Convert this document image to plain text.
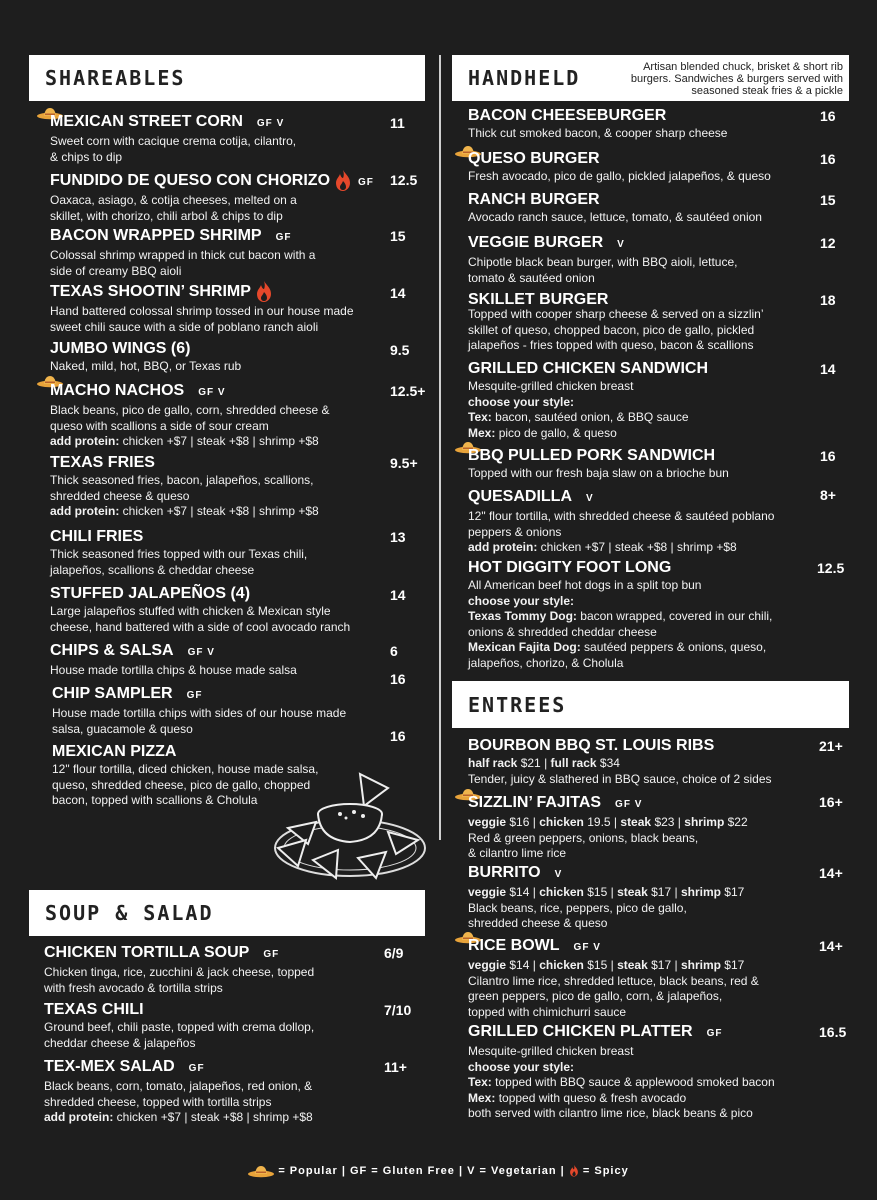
SHAREABLES
MEXICAN STREET CORN GF V
Sweet corn with cacique crema cotija, cilantro,
& chips to dip
11
FUNDIDO DE QUESO CON CHORIZO	GF
Oaxaca, asiago, & cotija cheeses, melted on a
skillet, with chorizo, chili arbol & chips to dip
12.5
BACON WRAPPED SHRIMP GF
Colossal shrimp wrapped in thick cut bacon with a
side of creamy BBQ aioli
15
TEXAS SHOOTIN’ SHRIMP
Hand battered colossal shrimp tossed in our house made
sweet chili sauce with a side of poblano ranch aioli
14
JUMBO WINGS (6)
Naked, mild, hot, BBQ, or Texas rub
9.5
MACHO NACHOS GF V
Black beans, pico de gallo, corn, shredded cheese &
queso with scallions a side of sour cream
add protein: chicken +$7 | steak +$8 | shrimp +$8
12.5+
TEXAS FRIES
Thick seasoned fries, bacon, jalapeños, scallions,
shredded cheese & queso
add protein: chicken +$7 | steak +$8 | shrimp +$8
9.5+
CHILI FRIES
Thick seasoned fries topped with our Texas chili,
jalapeños, scallions & cheddar cheese
13
STUFFED JALAPEÑOS (4)
Large jalapeños stuffed with chicken & Mexican style
cheese, hand battered with a side of cool avocado ranch
14
CHIPS & SALSA GF V
House made tortilla chips & house made salsa
6
CHIP SAMPLER GF
House made tortilla chips with sides of our house made
salsa, guacamole & queso
16
MEXICAN PIZZA
12" flour tortilla, diced chicken, house made salsa,
queso, shredded cheese, pico de gallo, chopped
bacon, topped with scallions & Cholula
16
SOUP & SALAD
CHICKEN TORTILLA SOUP GF
Chicken tinga, rice, zucchini & jack cheese, topped
with fresh avocado & tortilla strips
6/9
TEXAS CHILI
Ground beef, chili paste, topped with crema dollop,
cheddar cheese & jalapeños
7/10
TEX-MEX SALAD GF
Black beans, corn, tomato, jalapeños, red onion, &
shredded cheese, topped with tortilla strips
add protein: chicken +$7 | steak +$8 | shrimp +$8
11+
HANDHELD	Artisan blended chuck, brisket & short rib burgers. Sandwiches & burgers served with seasoned steak fries & a pickle
BACON CHEESEBURGER
Thick cut smoked bacon, & cooper sharp cheese
16
QUESO BURGER
Fresh avocado, pico de gallo, pickled jalapeños, & queso
16
RANCH BURGER
Avocado ranch sauce, lettuce, tomato, & sautéed onion
15
VEGGIE BURGER V
Chipotle black bean burger, with BBQ aioli, lettuce,
tomato & sautéed onion
12
SKILLET BURGER
Topped with cooper sharp cheese & served on a sizzlin’
skillet of queso, chopped bacon, pico de gallo, pickled
jalapeños - fries topped with queso, bacon & scallions
18
GRILLED CHICKEN SANDWICH
Mesquite-grilled chicken breast
choose your style:
Tex: bacon, sautéed onion, & BBQ sauce
Mex: pico de gallo, & queso
14
BBQ PULLED PORK SANDWICH
Topped with our fresh baja slaw on a brioche bun
16
QUESADILLA V
12" flour tortilla, with shredded cheese & sautéed poblano
peppers & onions
add protein: chicken +$7 | steak +$8 | shrimp +$8
8+
HOT DIGGITY FOOT LONG
All American beef hot dogs in a split top bun
choose your style:
Texas Tommy Dog: bacon wrapped, covered in our chili,
onions & shredded cheddar cheese
Mexican Fajita Dog: sautéed peppers & onions, queso,
jalapeños, chorizo, & Cholula
12.5
ENTREES
BOURBON BBQ ST. LOUIS RIBS
half rack $21 | full rack $34
Tender, juicy & slathered in BBQ sauce, choice of 2 sides
21+
SIZZLIN’ FAJITAS GF V
veggie $16 | chicken 19.5 | steak $23 | shrimp $22
Red & green peppers, onions, black beans,
& cilantro lime rice
16+
BURRITO V
veggie $14 | chicken $15 | steak $17 | shrimp $17
Black beans, rice, peppers, pico de gallo,
shredded cheese & queso
14+
RICE BOWL GF V
veggie $14 | chicken $15 | steak $17 | shrimp $17
Cilantro lime rice, shredded lettuce, black beans, red &
green peppers, pico de gallo, corn, & jalapeños,
topped with chimichurri sauce
14+
GRILLED CHICKEN PLATTER GF
Mesquite-grilled chicken breast
choose your style:
Tex: topped with BBQ sauce & applewood smoked bacon
Mex: topped with queso & fresh avocado
both served with cilantro lime rice, black beans & pico
16.5
= Popular | GF = Gluten Free | V = Vegetarian |  = Spicy
